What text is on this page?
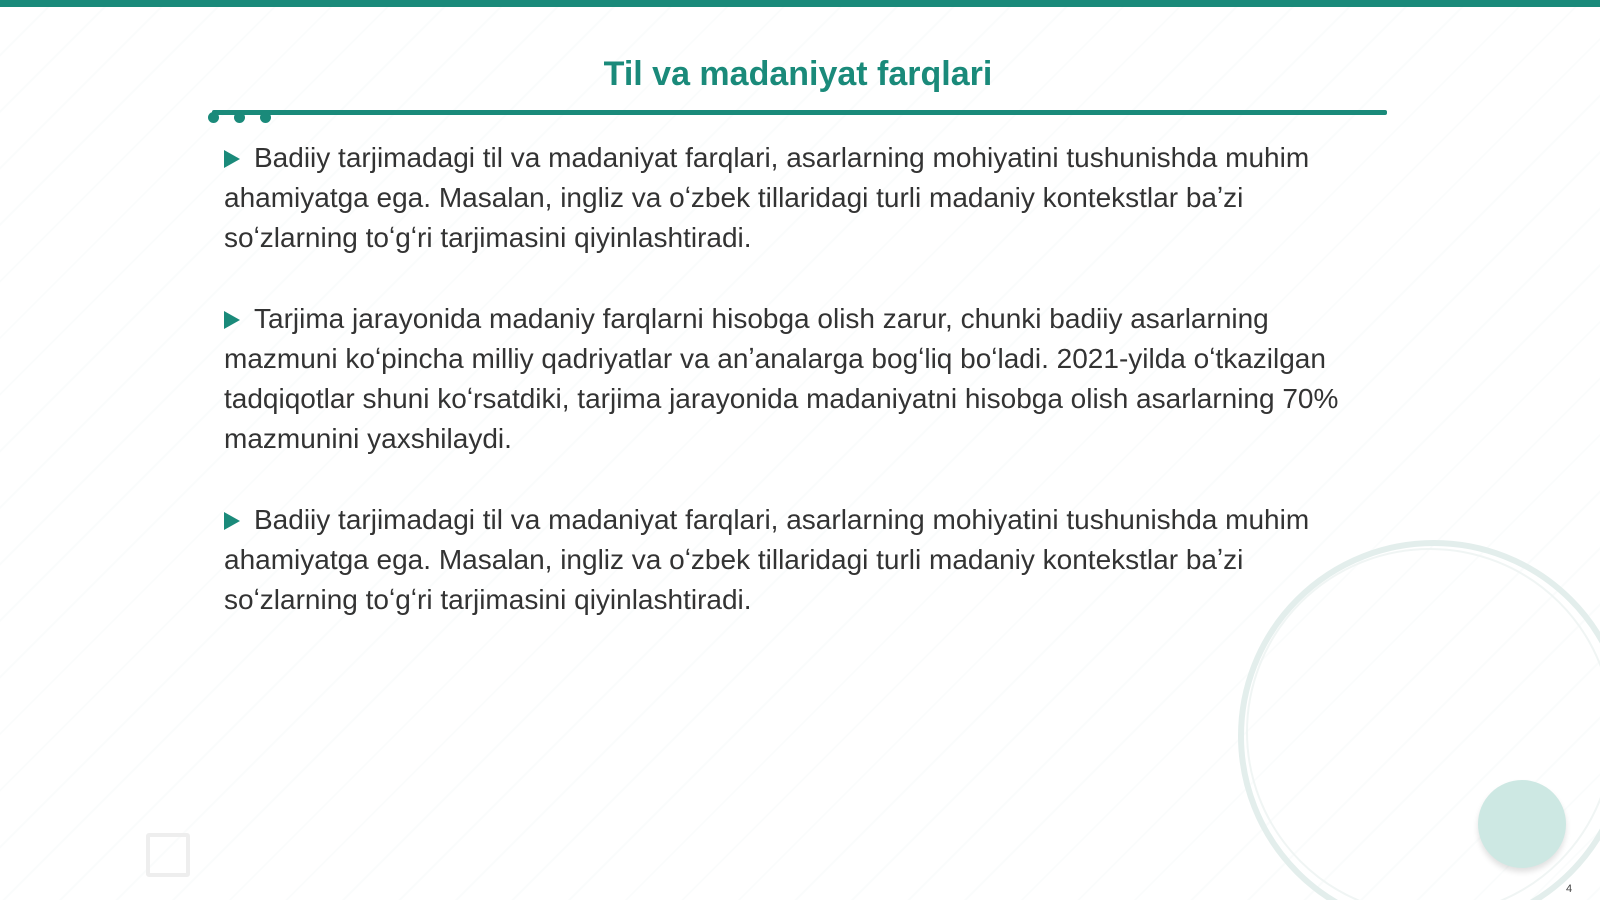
Til va madaniyat farqlari

Badiiy tarjimadagi til va madaniyat farqlari, asarlarning mohiyatini tushunishda muhim ahamiyatga ega. Masalan, ingliz va oʻzbek tillaridagi turli madaniy kontekstlar baʼzi soʻzlarning toʻgʻri tarjimasini qiyinlashtiradi.

Tarjima jarayonida madaniy farqlarni hisobga olish zarur, chunki badiiy asarlarning mazmuni koʻpincha milliy qadriyatlar va anʼanalarga bogʻliq boʻladi. 2021-yilda oʻtkazilgan tadqiqotlar shuni koʻrsatdiki, tarjima jarayonida madaniyatni hisobga olish asarlarning 70% mazmunini yaxshilaydi.

Badiiy tarjimadagi til va madaniyat farqlari, asarlarning mohiyatini tushunishda muhim ahamiyatga ega. Masalan, ingliz va oʻzbek tillaridagi turli madaniy kontekstlar baʼzi soʻzlarning toʻgʻri tarjimasini qiyinlashtiradi.

4
